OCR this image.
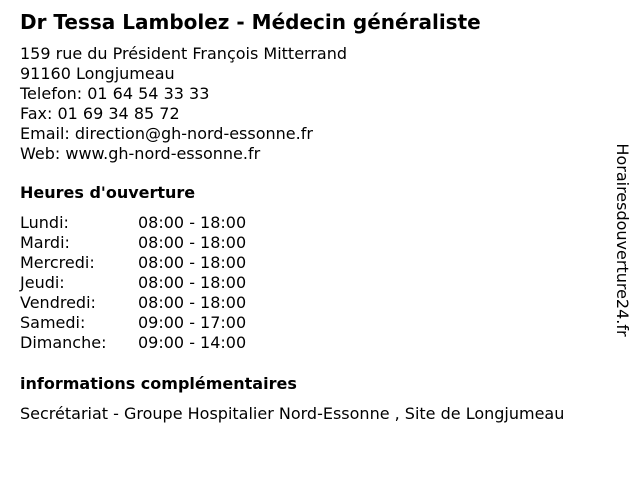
Dr Tessa Lambolez - Médecin généraliste
159 rue du Président François Mitterrand
91160 Longjumeau
Telefon: 01 64 54 33 33
Fax: 01 69 34 85 72
Email: direction@gh-nord-essonne.fr
Web: www.gh-nord-essonne.fr
Heures d'ouverture
Lundi:	08:00 - 18:00
Mardi:	08:00 - 18:00
Mercredi:	08:00 - 18:00
Jeudi:	08:00 - 18:00
Vendredi:	08:00 - 18:00
Samedi:	09:00 - 17:00
Dimanche: 09:00 - 14:00
informations complémentaires
Secrétariat - Groupe Hospitalier Nord-Essonne , Site de Longjumeau
Horairesdouverture24.fr
